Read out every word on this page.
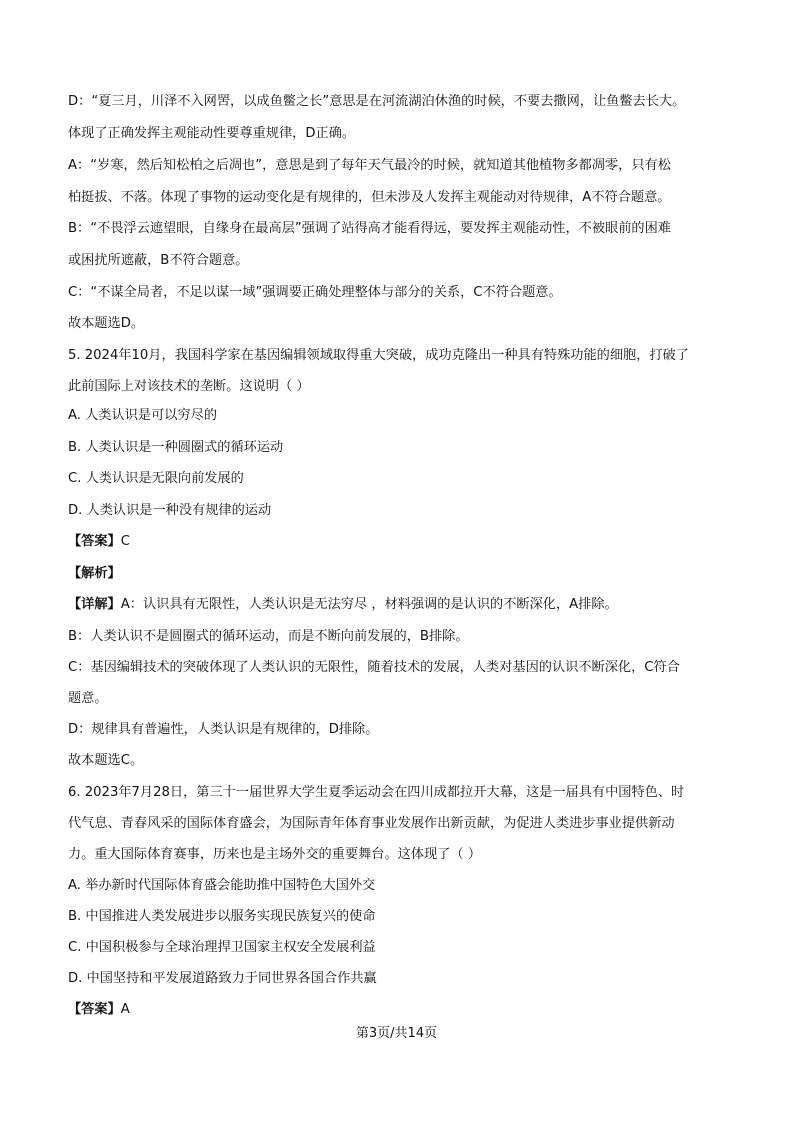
D：“夏三月，川泽不入网罟，以成鱼鳖之长”意思是在河流湖泊休渔的时候，不要去撒网，让鱼鳖去长大。
体现了正确发挥主观能动性要尊重规律，D正确。
A：“岁寒，然后知松柏之后凋也”，意思是到了每年天气最冷的时候，就知道其他植物多都凋零，只有松
柏挺拔、不落。体现了事物的运动变化是有规律的，但未涉及人发挥主观能动对待规律，A不符合题意。
B：“不畏浮云遮望眼，自缘身在最高层”强调了站得高才能看得远，要发挥主观能动性，不被眼前的困难
或困扰所遮蔽，B不符合题意。
C：“不谋全局者，不足以谋一域”强调要正确处理整体与部分的关系，C不符合题意。
故本题选D。
5. 2024年10月，我国科学家在基因编辑领域取得重大突破，成功克隆出一种具有特殊功能的细胞，打破了
此前国际上对该技术的垄断。这说明（ ）
A. 人类认识是可以穷尽的
B. 人类认识是一种圆圈式的循环运动
C. 人类认识是无限向前发展的
D. 人类认识是一种没有规律的运动
【答案】C
【解析】
【详解】A：认识具有无限性，人类认识是无法穷尽 ，材料强调的是认识的不断深化，A排除。
B：人类认识不是圆圈式的循环运动，而是不断向前发展的，B排除。
C：基因编辑技术的突破体现了人类认识的无限性，随着技术的发展，人类对基因的认识不断深化，C符合
题意。
D：规律具有普遍性，人类认识是有规律的，D排除。
故本题选C。
6. 2023年7月28日，第三十一届世界大学生夏季运动会在四川成都拉开大幕，这是一届具有中国特色、时
代气息、青春风采的国际体育盛会，为国际青年体育事业发展作出新贡献，为促进人类进步事业提供新动
力。重大国际体育赛事，历来也是主场外交的重要舞台。这体现了（ ）
A. 举办新时代国际体育盛会能助推中国特色大国外交
B. 中国推进人类发展进步以服务实现民族复兴的使命
C. 中国积极参与全球治理捍卫国家主权安全发展利益
D. 中国坚持和平发展道路致力于同世界各国合作共赢
【答案】A
第3页/共14页
